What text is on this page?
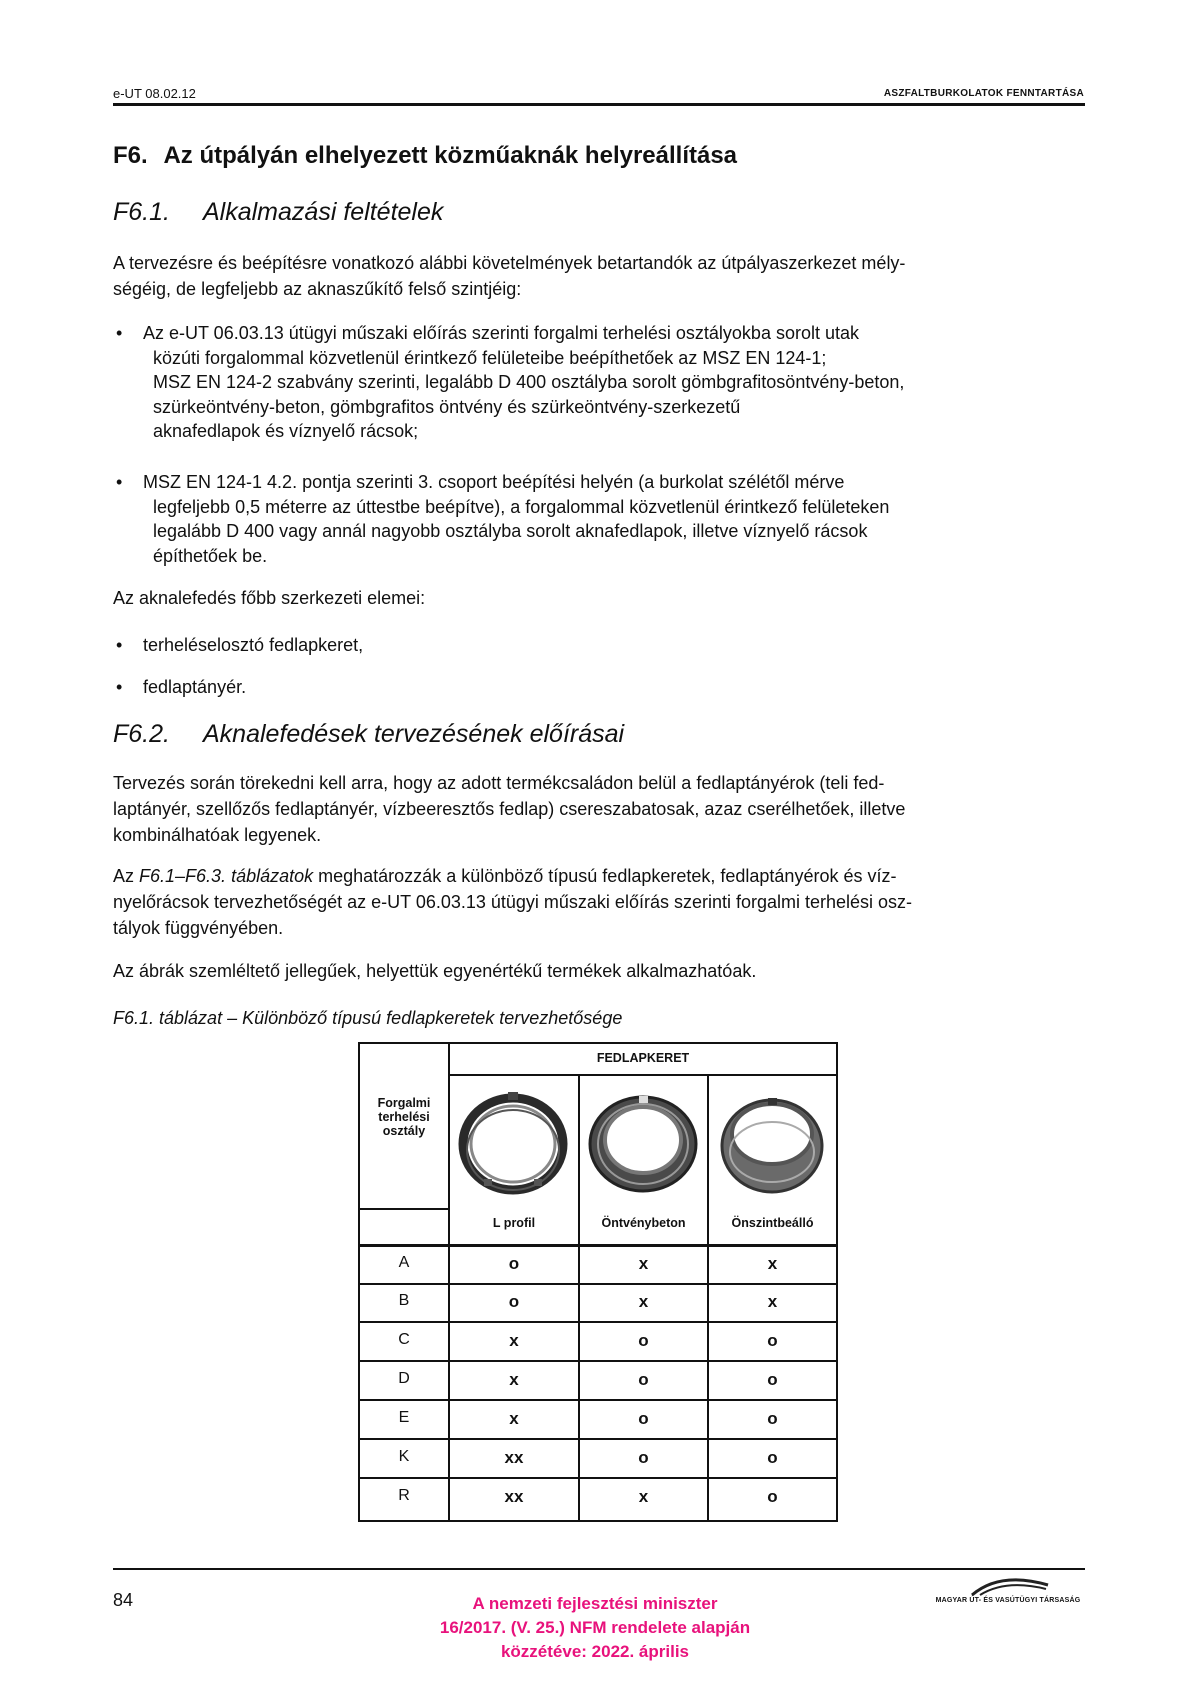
e-UT 08.02.12	ASZFALTBURKOLATOK FENNTARTÁSA
F6. Az útpályán elhelyezett közműaknák helyreállítása
F6.1. Alkalmazási feltételek
A tervezésre és beépítésre vonatkozó alábbi követelmények betartandók az útpályaszerkezet mély-
ségéig, de legfeljebb az aknaszűkítő felső szintjéig:
• Az e-UT 06.03.13 útügyi műszaki előírás szerinti forgalmi terhelési osztályokba sorolt utak
közúti forgalommal közvetlenül érintkező felületeibe beépíthetőek az MSZ EN 124-1;
MSZ EN 124-2 szabvány szerinti, legalább D 400 osztályba sorolt gömbgrafitosöntvény-beton,
szürkeöntvény-beton, gömbgrafitos öntvény és szürkeöntvény-szerkezetű
aknafedlapok és víznyelő rácsok;
• MSZ EN 124-1 4.2. pontja szerinti 3. csoport beépítési helyén (a burkolat szélétől mérve
legfeljebb 0,5 méterre az úttestbe beépítve), a forgalommal közvetlenül érintkező felületeken
legalább D 400 vagy annál nagyobb osztályba sorolt aknafedlapok, illetve víznyelő rácsok
építhetőek be.
Az aknalefedés főbb szerkezeti elemei:
• terheléselosztó fedlapkeret,
• fedlaptányér.
F6.2. Aknalefedések tervezésének előírásai
Tervezés során törekedni kell arra, hogy az adott termékcsaládon belül a fedlaptányérok (teli fed-
laptányér, szellőzős fedlaptányér, vízbeeresztős fedlap) csereszabatosak, azaz cserélhetőek, illetve
kombinálhatóak legyenek.
Az F6.1–F6.3. táblázatok meghatározzák a különböző típusú fedlapkeretek, fedlaptányérok és víz-
nyelőrácsok tervezhetőségét az e-UT 06.03.13 útügyi műszaki előírás szerinti forgalmi terhelési osz-
tályok függvényében.
Az ábrák szemléltető jellegűek, helyettük egyenértékű termékek alkalmazhatóak.
F6.1. táblázat – Különböző típusú fedlapkeretek tervezhetősége
FEDLAPKERET
Forgalmi
terhelési
osztály
L profil	Öntvénybeton	Önszintbeálló
A	o	x	x
B	o	x	x
C	x	o	o
D	x	o	o
E	x	o	o
K	xx	o	o
R	xx	x	o
84	A nemzeti fejlesztési miniszter
16/2017. (V. 25.) NFM rendelete alapján
közzétéve: 2022. április
MAGYAR ÚT- ÉS VASÚTÜGYI TÁRSASÁG
